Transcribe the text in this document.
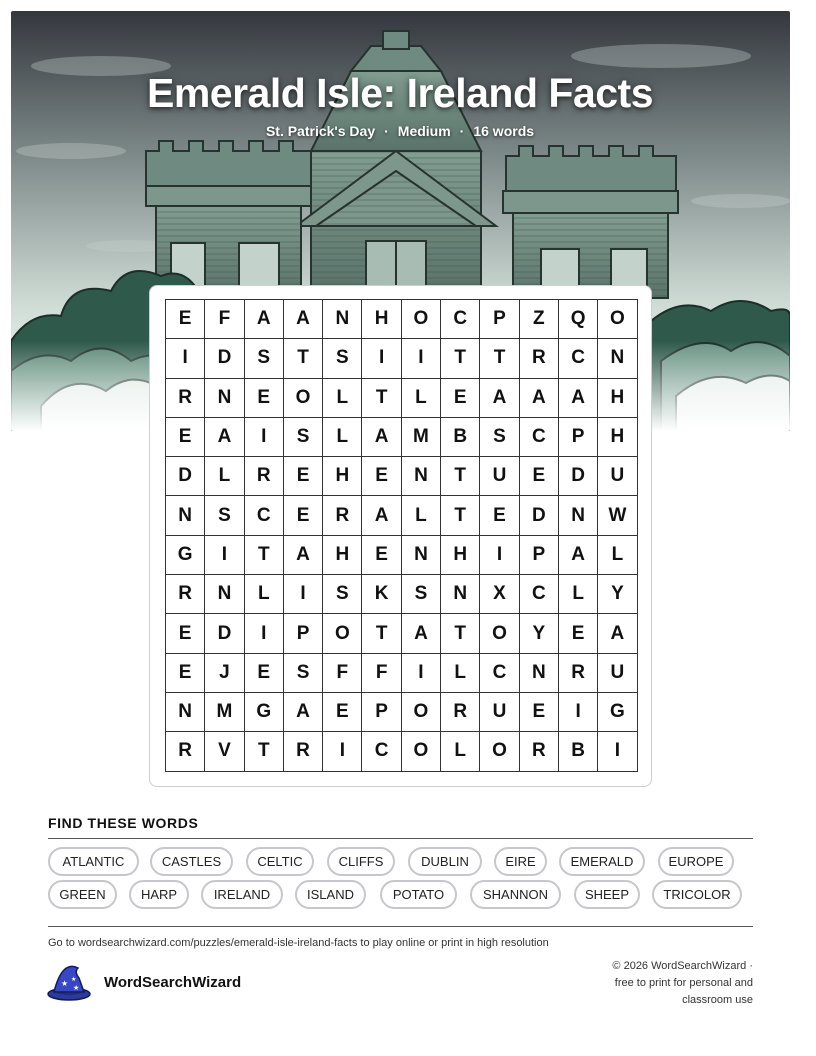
Emerald Isle: Ireland Facts
St. Patrick's Day · Medium · 16 words
E	F	A	A	N	H	O	C	P	Z	Q	O
I	D	S	T	S	I	I	T	T	R	C	N
R	N	E	O	L	T	L	E	A	A	A	H
E	A	I	S	L	A	M	B	S	C	P	H
D	L	R	E	H	E	N	T	U	E	D	U
N	S	C	E	R	A	L	T	E	D	N	W
G	I	T	A	H	E	N	H	I	P	A	L
R	N	L	I	S	K	S	N	X	C	L	Y
E	D	I	P	O	T	A	T	O	Y	E	A
E	J	E	S	F	F	I	L	C	N	R	U
N	M	G	A	E	P	O	R	U	E	I	G
R	V	T	R	I	C	O	L	O	R	B	I
FIND THESE WORDS
ATLANTIC	CASTLES	CELTIC	CLIFFS	DUBLIN	EIRE	EMERALD	EUROPE
GREEN	HARP	IRELAND	ISLAND	POTATO	SHANNON	SHEEP	TRICOLOR
Go to wordsearchwizard.com/puzzles/emerald-isle-ireland-facts to play online or print in high resolution
★ ★
★ WordSearchWizard
© 2026 WordSearchWizard ·
free to print for personal and
classroom use
